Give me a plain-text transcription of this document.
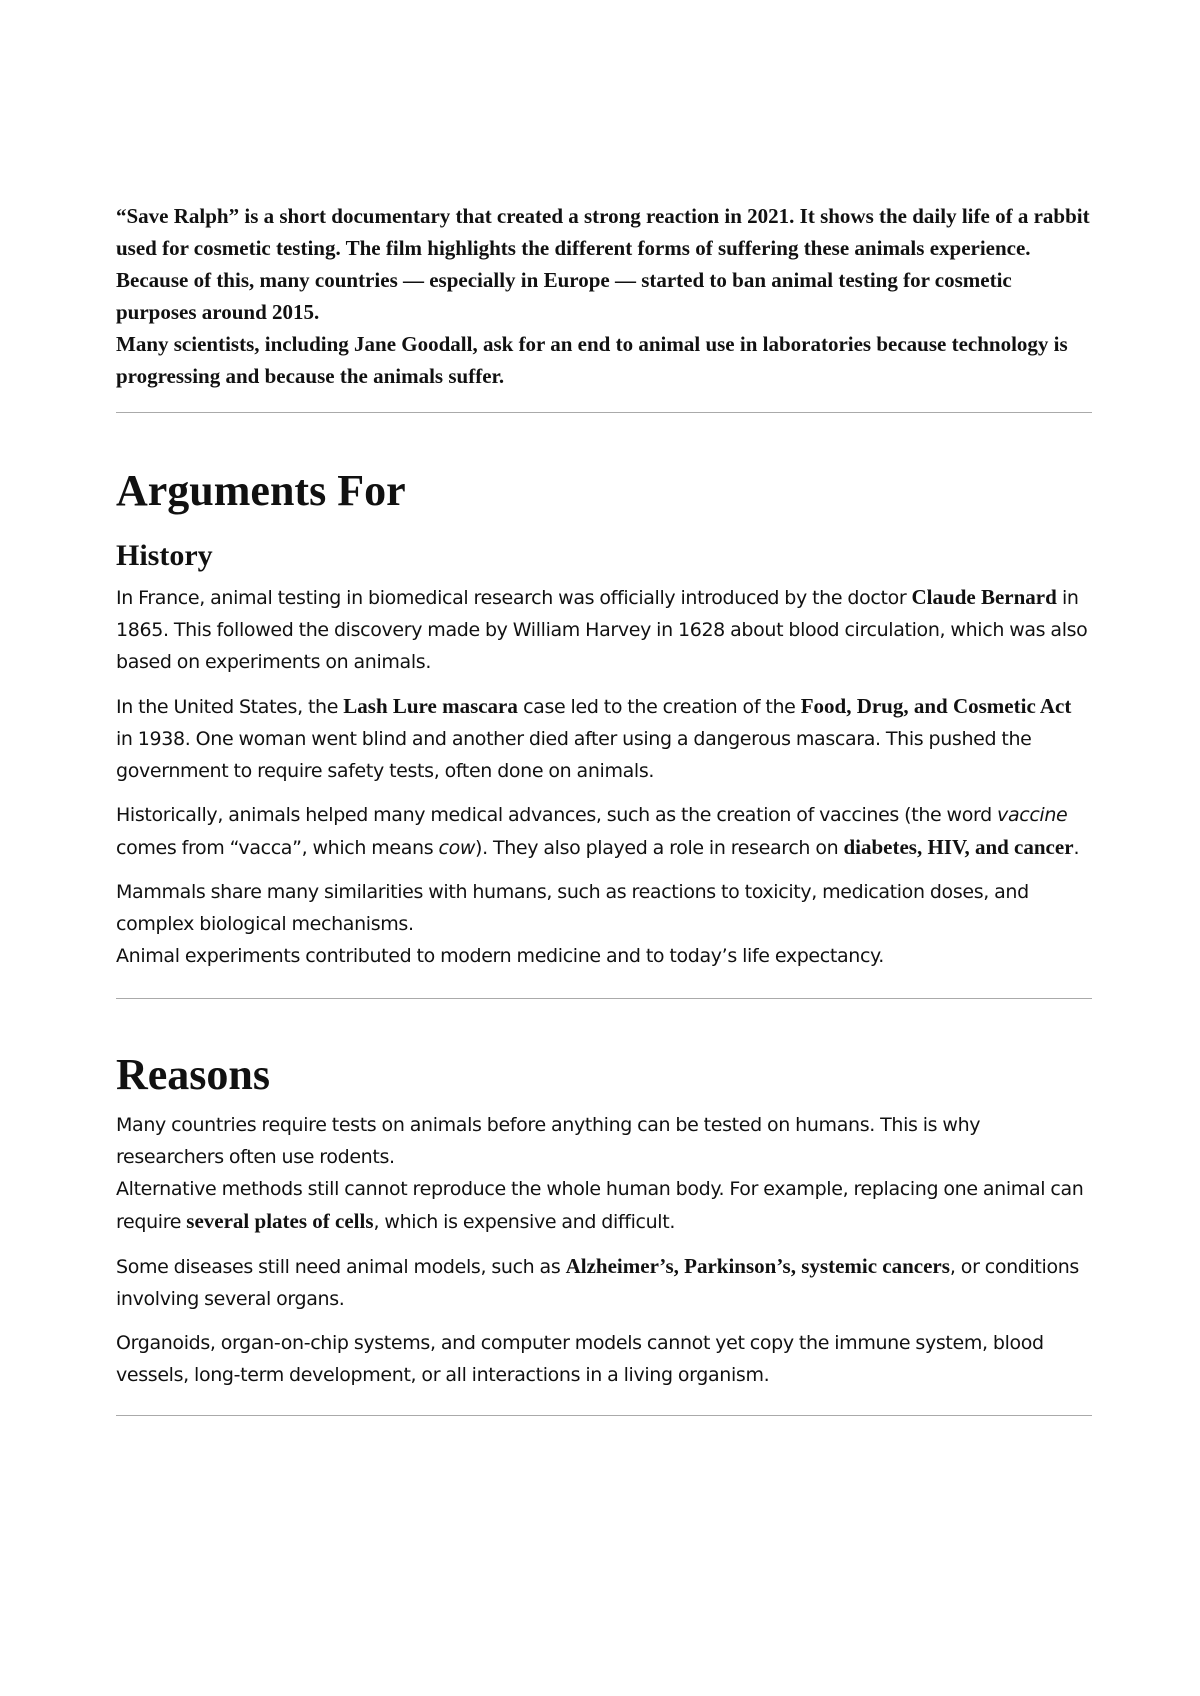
“Save Ralph” is a short documentary that created a strong reaction in 2021. It shows the daily life of a rabbit used for cosmetic testing. The film highlights the different forms of suffering these animals experience. Because of this, many countries — especially in Europe — started to ban animal testing for cosmetic purposes around 2015.
Many scientists, including Jane Goodall, ask for an end to animal use in laboratories because technology is progressing and because the animals suffer.

Arguments For
History

In France, animal testing in biomedical research was officially introduced by the doctor Claude Bernard in 1865. This followed the discovery made by William Harvey in 1628 about blood circulation, which was also based on experiments on animals.

In the United States, the Lash Lure mascara case led to the creation of the Food, Drug, and Cosmetic Act in 1938. One woman went blind and another died after using a dangerous mascara. This pushed the government to require safety tests, often done on animals.

Historically, animals helped many medical advances, such as the creation of vaccines (the word vaccine comes from “vacca”, which means cow). They also played a role in research on diabetes, HIV, and cancer.

Mammals share many similarities with humans, such as reactions to toxicity, medication doses, and complex biological mechanisms.
Animal experiments contributed to modern medicine and to today’s life expectancy.

Reasons

Many countries require tests on animals before anything can be tested on humans. This is why researchers often use rodents.
Alternative methods still cannot reproduce the whole human body. For example, replacing one animal can require several plates of cells, which is expensive and difficult.

Some diseases still need animal models, such as Alzheimer’s, Parkinson’s, systemic cancers, or conditions involving several organs.

Organoids, organ-on-chip systems, and computer models cannot yet copy the immune system, blood vessels, long-term development, or all interactions in a living organism.
